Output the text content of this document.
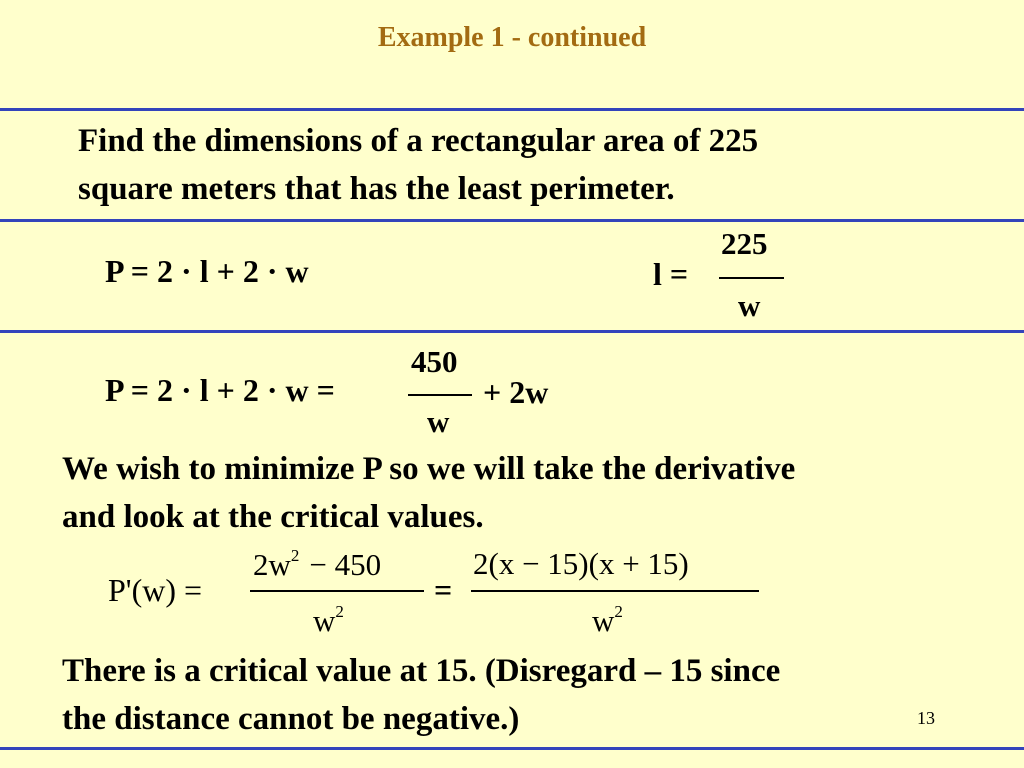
Example 1 - continued
Find the dimensions of a rectangular area of 225
square meters that has the least perimeter.
P = 2 · l + 2 · w	l =
225
w
P = 2 · l + 2 · w =
450
w
+ 2w
We wish to minimize P so we will take the derivative
and look at the critical values.
P'(w) =
$2w^2 - 450$
$w^2$
=
2(x − 15)(x + 15)
$w^2$
There is a critical value at 15. (Disregard – 15 since
the distance cannot be negative.)	13
